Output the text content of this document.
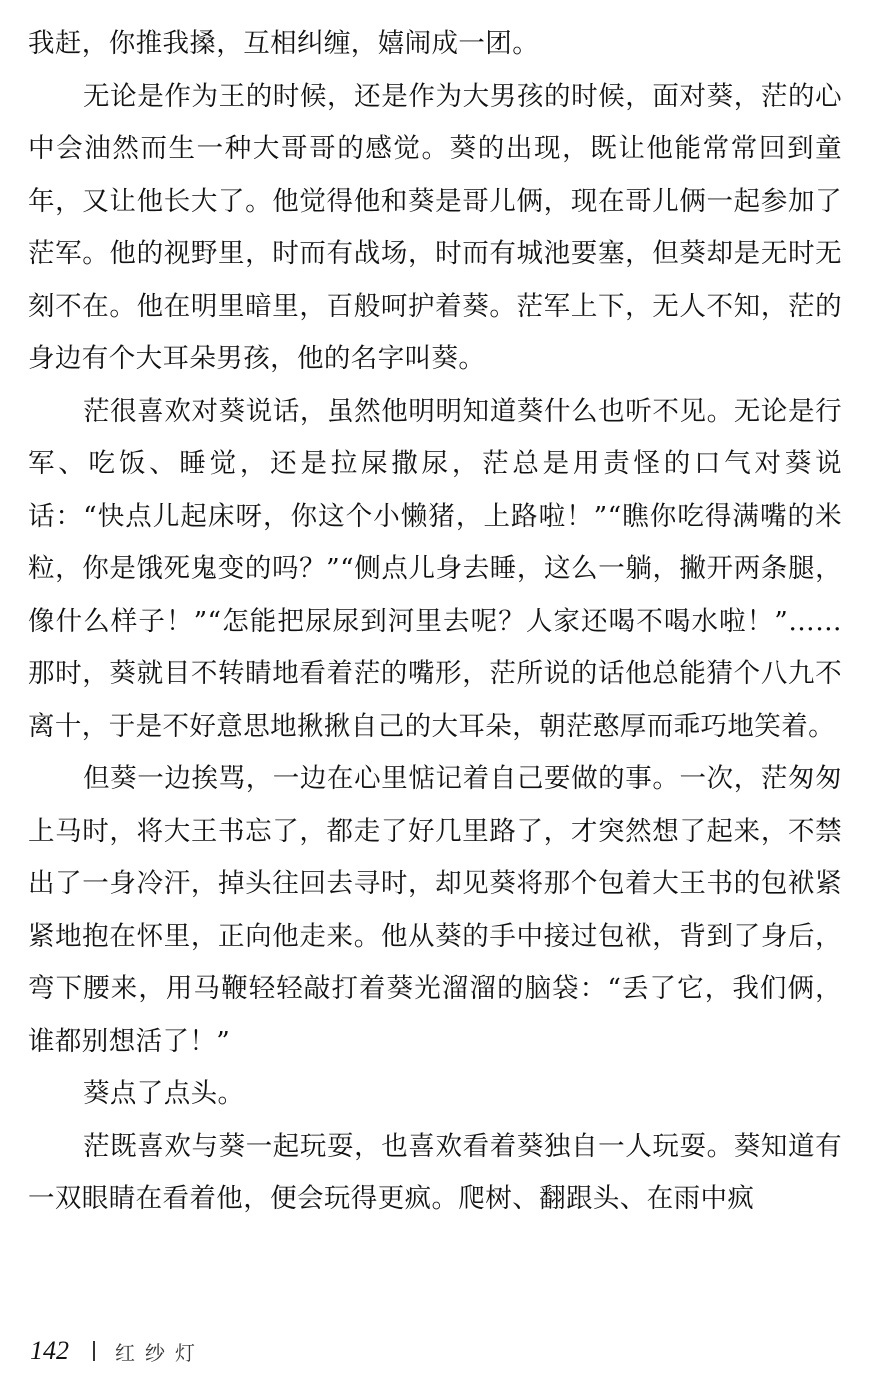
我赶，你推我搡，互相纠缠，嬉闹成一团。

无论是作为王的时候，还是作为大男孩的时候，面对葵，茫的心中会油然而生一种大哥哥的感觉。葵的出现，既让他能常常回到童年，又让他长大了。他觉得他和葵是哥儿俩，现在哥儿俩一起参加了茫军。他的视野里，时而有战场，时而有城池要塞，但葵却是无时无刻不在。他在明里暗里，百般呵护着葵。茫军上下，无人不知，茫的身边有个大耳朵男孩，他的名字叫葵。

茫很喜欢对葵说话，虽然他明明知道葵什么也听不见。无论是行军、吃饭、睡觉，还是拉屎撒尿，茫总是用责怪的口气对葵说话：“快点儿起床呀，你这个小懒猪，上路啦！”“瞧你吃得满嘴的米粒，你是饿死鬼变的吗？”“侧点儿身去睡，这么一躺，撇开两条腿，像什么样子！”“怎能把尿尿到河里去呢？人家还喝不喝水啦！”……那时，葵就目不转睛地看着茫的嘴形，茫所说的话他总能猜个八九不离十，于是不好意思地揪揪自己的大耳朵，朝茫憨厚而乖巧地笑着。

但葵一边挨骂，一边在心里惦记着自己要做的事。一次，茫匆匆上马时，将大王书忘了，都走了好几里路了，才突然想了起来，不禁出了一身冷汗，掉头往回去寻时，却见葵将那个包着大王书的包袱紧紧地抱在怀里，正向他走来。他从葵的手中接过包袱，背到了身后，弯下腰来，用马鞭轻轻敲打着葵光溜溜的脑袋：“丢了它，我们俩，谁都别想活了！”

葵点了点头。

茫既喜欢与葵一起玩耍，也喜欢看着葵独自一人玩耍。葵知道有一双眼睛在看着他，便会玩得更疯。爬树、翻跟头、在雨中疯

142 红纱灯
